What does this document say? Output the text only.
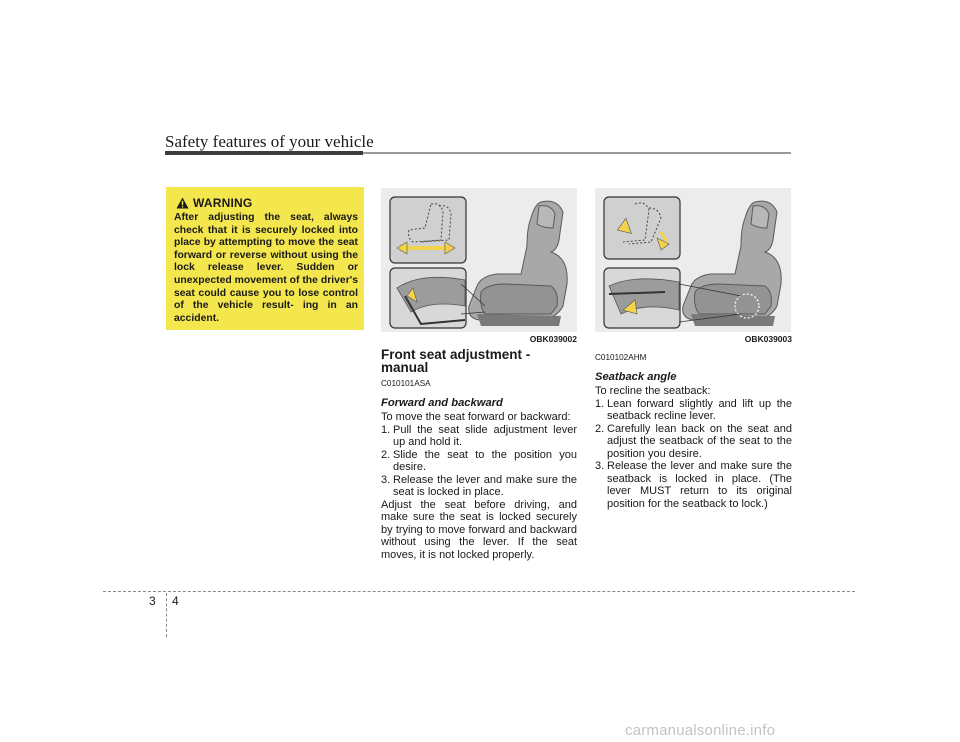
Safety features of your vehicle
WARNING
After adjusting the seat, always check that it is securely locked into place by attempting to move the seat forward or reverse without using the lock release lever. Sudden or unexpected movement of the driver's seat could cause you to lose control of the vehicle result- ing in an accident.
OBK039002	OBK039003
Front seat adjustment - manual
C010101ASA
Forward and backward
To move the seat forward or backward:
1. Pull the seat slide adjustment lever up and hold it.
2. Slide the seat to the position you desire.
3. Release the lever and make sure the seat is locked in place.
Adjust the seat before driving, and make sure the seat is locked securely by trying to move forward and backward without using the lever. If the seat moves, it is not locked properly.
C010102AHM
Seatback angle
To recline the seatback:
1. Lean forward slightly and lift up the seatback recline lever.
2. Carefully lean back on the seat and adjust the seatback of the seat to the position you desire.
3. Release the lever and make sure the seatback is locked in place. (The lever MUST return to its original position for the seatback to lock.)
3 4
carmanualsonline.info
